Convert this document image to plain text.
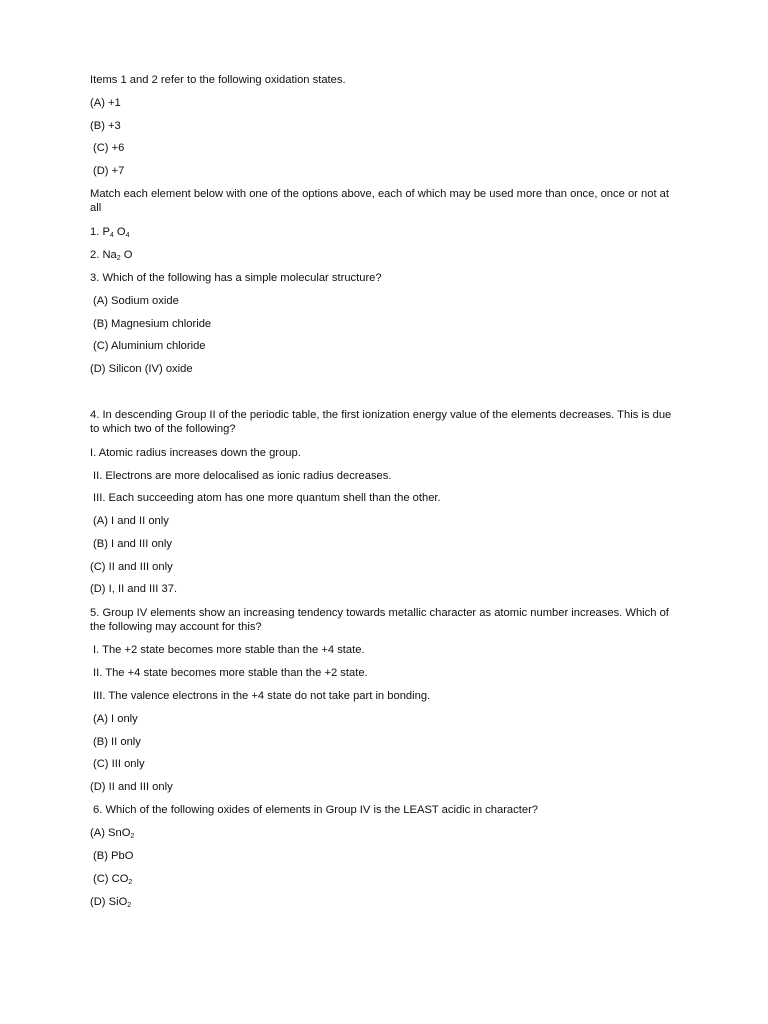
Items 1 and 2 refer to the following oxidation states.
(A) +1
(B) +3
(C) +6
(D) +7
Match each element below with one of the options above, each of which may be used more than once, once or not at all
1. $P_4$ $O_4$
2. $Na_2$ O
3. Which of the following has a simple molecular structure?
(A) Sodium oxide
(B) Magnesium chloride
(C) Aluminium chloride
(D) Silicon (IV) oxide
4. In descending Group II of the periodic table, the first ionization energy value of the elements decreases. This is due to which two of the following?
I. Atomic radius increases down the group.
II. Electrons are more delocalised as ionic radius decreases.
III. Each succeeding atom has one more quantum shell than the other.
(A) I and II only
(B) I and III only
(C) II and III only
(D) I, II and III 37.
5. Group IV elements show an increasing tendency towards metallic character as atomic number increases. Which of the following may account for this?
I. The +2 state becomes more stable than the +4 state.
II. The +4 state becomes more stable than the +2 state.
III. The valence electrons in the +4 state do not take part in bonding.
(A) I only
(B) II only
(C) III only
(D) II and III only
6. Which of the following oxides of elements in Group IV is the LEAST acidic in character?
(A) SnO$_2$
(B) PbO
(C) $CO_2$
(D) SiO$_2$
